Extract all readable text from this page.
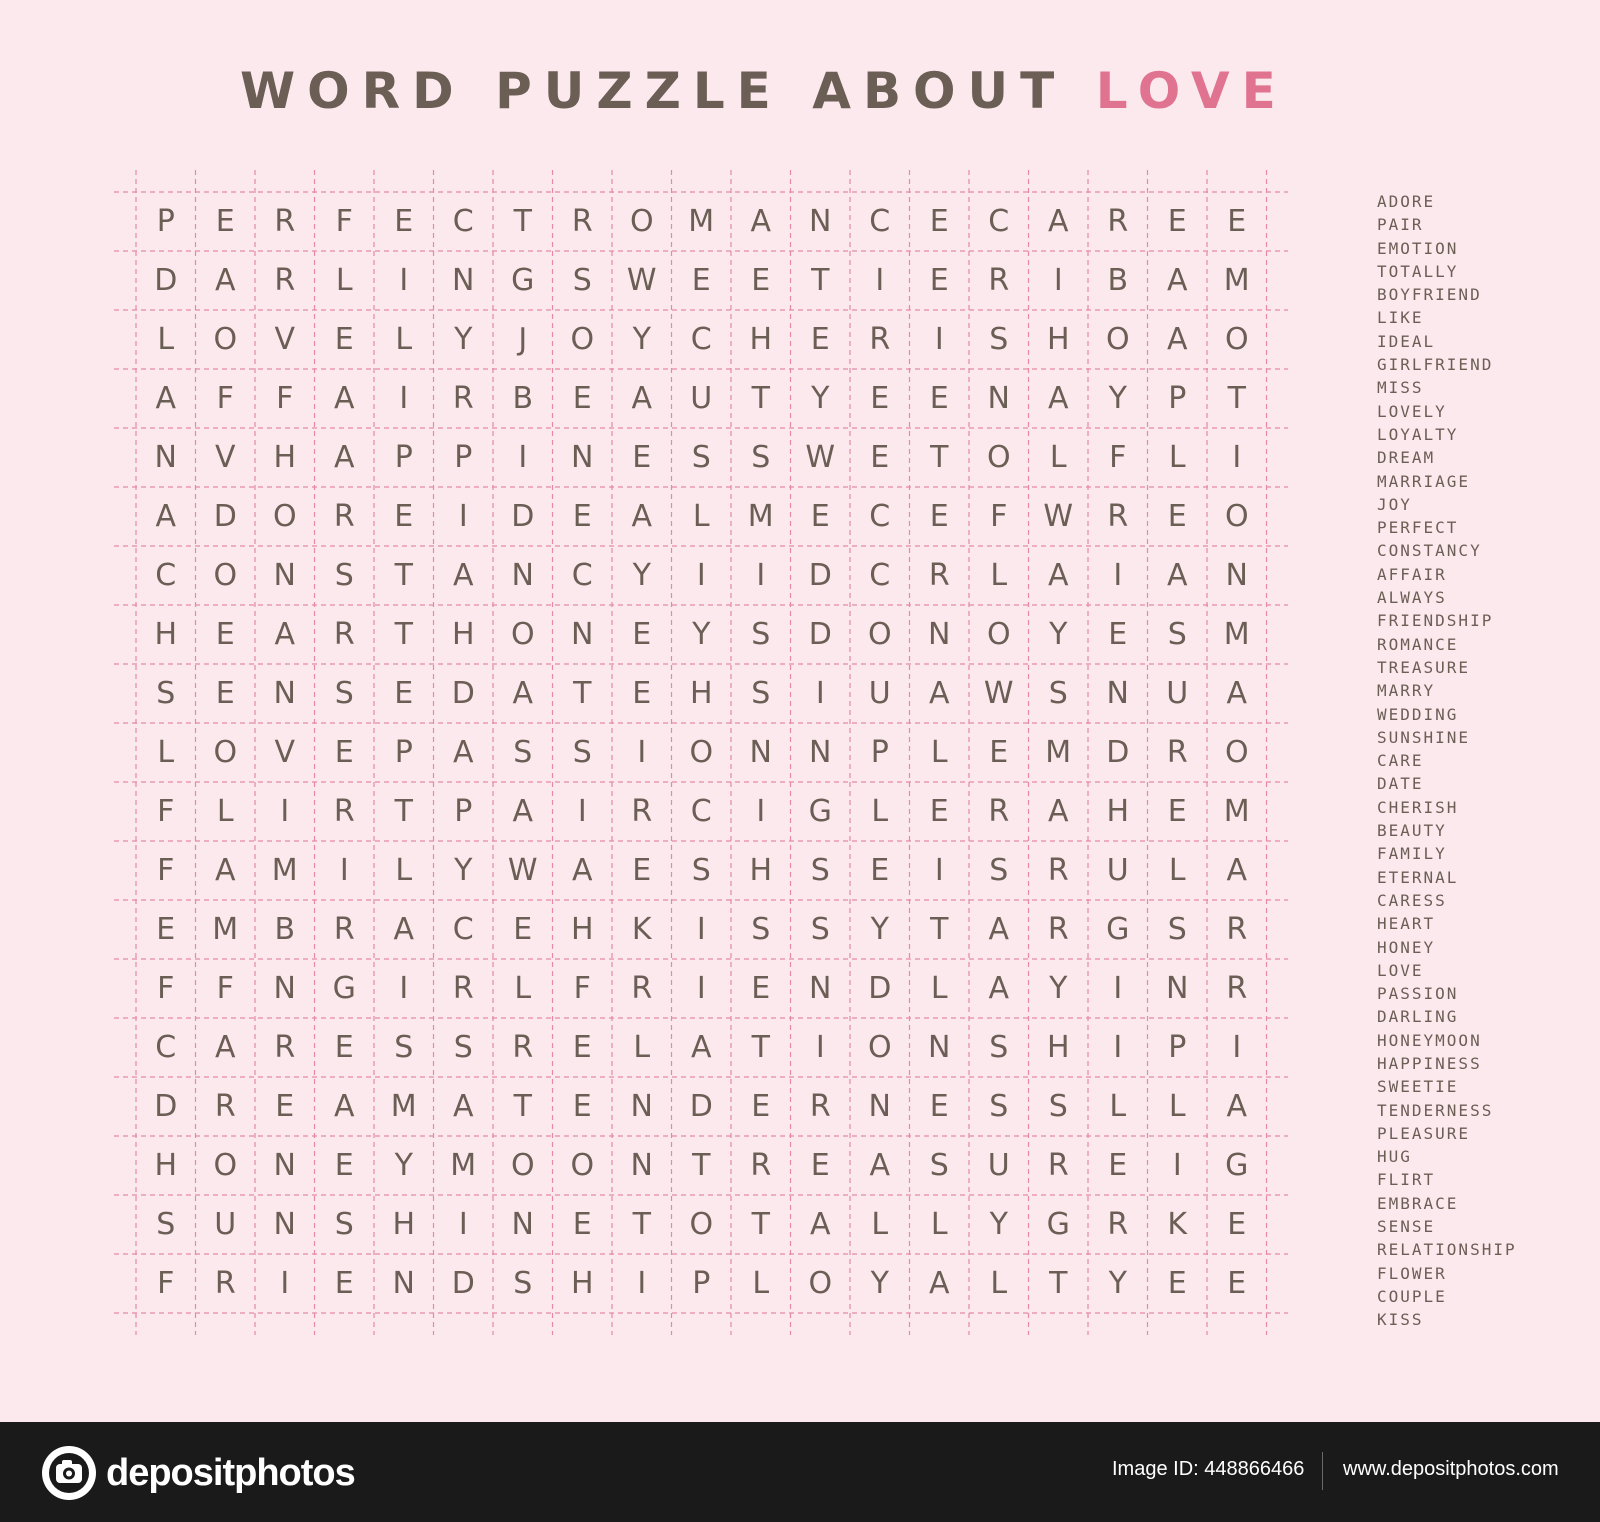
WORD PUZZLE ABOUT LOVE
P	E	R	F	E	C	T	R	O	M	A	N	C	E	C	A	R	E	E
D	A	R	L	I	N	G	S	W	E	E	T	I	E	R	I	B	A	M
L	O	V	E	L	Y	J	O	Y	C	H	E	R	I	S	H	O	A	O
A	F	F	A	I	R	B	E	A	U	T	Y	E	E	N	A	Y	P	T
N	V	H	A	P	P	I	N	E	S	S	W	E	T	O	L	F	L	I
A	D	O	R	E	I	D	E	A	L	M	E	C	E	F	W	R	E	O
C	O	N	S	T	A	N	C	Y	I	I	D	C	R	L	A	I	A	N
H	E	A	R	T	H	O	N	E	Y	S	D	O	N	O	Y	E	S	M
S	E	N	S	E	D	A	T	E	H	S	I	U	A	W	S	N	U	A
L	O	V	E	P	A	S	S	I	O	N	N	P	L	E	M	D	R	O
F	L	I	R	T	P	A	I	R	C	I	G	L	E	R	A	H	E	M
F	A	M	I	L	Y	W	A	E	S	H	S	E	I	S	R	U	L	A
E	M	B	R	A	C	E	H	K	I	S	S	Y	T	A	R	G	S	R
F	F	N	G	I	R	L	F	R	I	E	N	D	L	A	Y	I	N	R
C	A	R	E	S	S	R	E	L	A	T	I	O	N	S	H	I	P	I
D	R	E	A	M	A	T	E	N	D	E	R	N	E	S	S	L	L	A
H	O	N	E	Y	M	O	O	N	T	R	E	A	S	U	R	E	I	G
S	U	N	S	H	I	N	E	T	O	T	A	L	L	Y	G	R	K	E
F	R	I	E	N	D	S	H	I	P	L	O	Y	A	L	T	Y	E	E
ADORE
PAIR
EMOTION
TOTALLY
BOYFRIEND
LIKE
IDEAL
GIRLFRIEND
MISS
LOVELY
LOYALTY
DREAM
MARRIAGE
JOY
PERFECT
CONSTANCY
AFFAIR
ALWAYS
FRIENDSHIP
ROMANCE
TREASURE
MARRY
WEDDING
SUNSHINE
CARE
DATE
CHERISH
BEAUTY
FAMILY
ETERNAL
CARESS
HEART
HONEY
LOVE
PASSION
DARLING
HONEYMOON
HAPPINESS
SWEETIE
TENDERNESS
PLEASURE
HUG
FLIRT
EMBRACE
SENSE
RELATIONSHIP
FLOWER
COUPLE
KISS
depositphotos	Image ID: 448866466 www.depositphotos.com
